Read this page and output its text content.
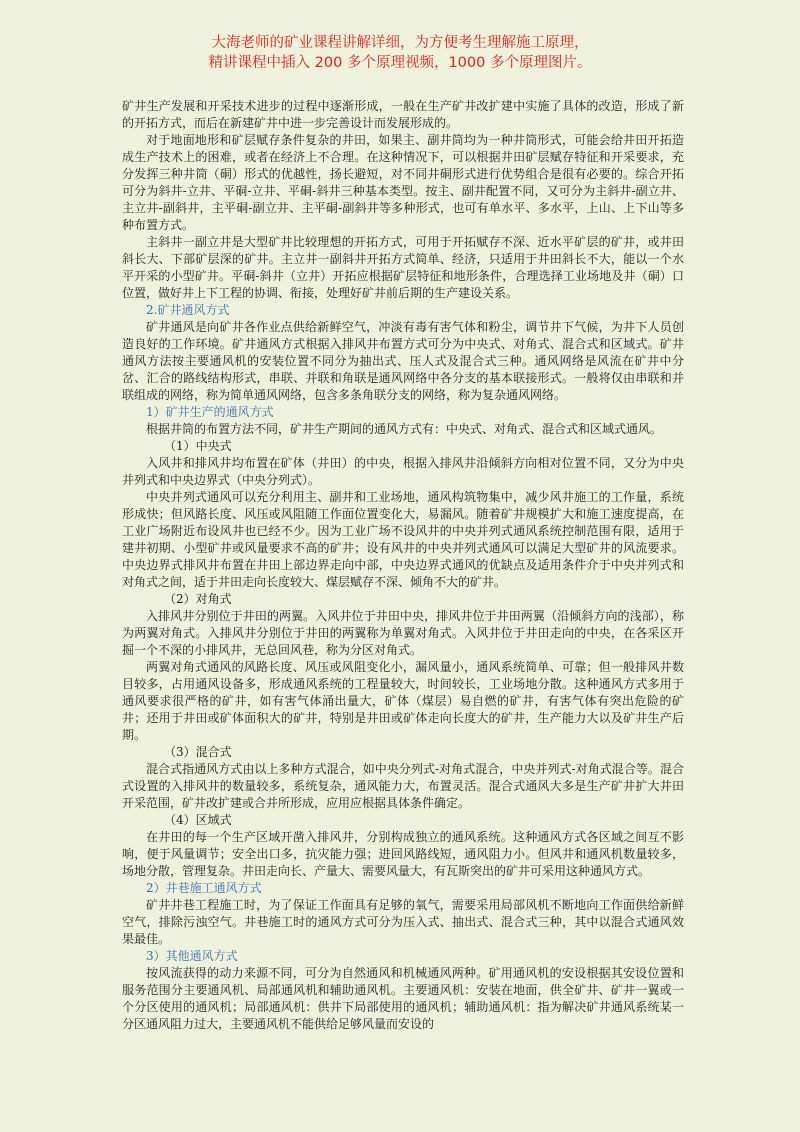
大海老师的矿业课程讲解详细，为方便考生理解施工原理，
精讲课程中插入 200 多个原理视频，1000 多个原理图片。

矿井生产发展和开采技术进步的过程中逐渐形成，一般在生产矿井改扩建中实施了具体的改造，形成了新的开拓方式，而后在新建矿井中进一步完善设计而发展形成的。

对于地面地形和矿层赋存条件复杂的井田，如果主、副井筒均为一种井筒形式，可能会给井田开拓造成生产技术上的困难，或者在经济上不合理。在这种情况下，可以根据井田矿层赋存特征和开采要求，充分发挥三种井筒（硐）形式的优越性，扬长避短，对不同井硐形式进行优势组合是很有必要的。综合开拓可分为斜井-立井、平硐-立井、平硐-斜井三种基本类型。按主、副井配置不同，又可分为主斜井-副立井、主立井-副斜井，主平硐-副立井、主平硐-副斜井等多种形式，也可有单水平、多水平，上山、上下山等多种布置方式。

主斜井一副立井是大型矿井比较理想的开拓方式，可用于开拓赋存不深、近水平矿层的矿井，或井田斜长大、下部矿层深的矿井。主立井一副斜井开拓方式简单、经济，只适用于井田斜长不大，能以一个水平开采的小型矿井。平硐-斜井（立井）开拓应根据矿层特征和地形条件，合理选择工业场地及井（硐）口位置，做好井上下工程的协调、衔接，处理好矿井前后期的生产建设关系。

2.矿井通风方式

矿井通风是向矿井各作业点供给新鲜空气，冲淡有毒有害气体和粉尘，调节井下气候，为井下人员创造良好的工作环境。矿井通风方式根据入排风井布置方式可分为中央式、对角式、混合式和区域式。矿井通风方法按主要通风机的安装位置不同分为抽出式、压人式及混合式三种。通风网络是风流在矿井中分岔、汇合的路线结构形式，串联、并联和角联是通风网络中各分支的基本联接形式。一般将仅由串联和并联组成的网络，称为简单通风网络，包含多条角联分支的网络，称为复杂通风网络。

1）矿井生产的通风方式

根据井筒的布置方法不同，矿井生产期间的通风方式有：中央式、对角式、混合式和区域式通风。

（1）中央式

入风井和排风井均布置在矿体（井田）的中央，根据入排风井沿倾斜方向相对位置不同，又分为中央并列式和中央边界式（中央分列式）。

中央并列式通风可以充分利用主、副井和工业场地，通风构筑物集中，减少风井施工的工作量，系统形成快；但风路长度、风压或风阻随工作面位置变化大，易漏风。随着矿井规模扩大和施工速度提高，在工业广场附近布设风井也已经不少。因为工业广场不设风井的中央并列式通风系统控制范围有限，适用于建井初期、小型矿井或风量要求不高的矿井；设有风井的中央并列式通风可以满足大型矿井的风流要求。中央边界式排风井布置在井田上部边界走向中部，中央边界式通风的优缺点及适用条件介于中央并列式和对角式之间，适于井田走向长度较大、煤层赋存不深、倾角不大的矿井。

（2）对角式

入排风井分别位于井田的两翼。入风井位于井田中央，排风井位于井田两翼（沿倾斜方向的浅部），称为两翼对角式。入排风井分别位于井田的两翼称为单翼对角式。入风井位于井田走向的中央，在各采区开掘一个不深的小排风井，无总回风巷，称为分区对角式。

两翼对角式通风的风路长度、风压或风阻变化小，漏风量小，通风系统简单、可靠；但一般排风井数目较多，占用通风设备多，形成通风系统的工程量较大，时间较长，工业场地分散。这种通风方式多用于通风要求很严格的矿井，如有害气体涌出量大，矿体（煤层）易自燃的矿井，有害气体有突出危险的矿井；还用于井田或矿体面积大的矿井，特别是井田或矿体走向长度大的矿井，生产能力大以及矿井生产后期。

（3）混合式

混合式指通风方式由以上多种方式混合，如中央分列式-对角式混合，中央并列式-对角式混合等。混合式设置的入排风井的数量较多，系统复杂，通风能力大，布置灵活。混合式通风大多是生产矿井扩大井田开采范围，矿井改扩建或合并所形成，应用应根据具体条件确定。

（4）区域式

在井田的每一个生产区域开凿入排风井，分别构成独立的通风系统。这种通风方式各区域之间互不影响，便于风量调节；安全出口多，抗灾能力强；进回风路线短，通风阻力小。但风井和通风机数量较多，场地分散，管理复杂。井田走向长、产量大、需要风量大，有瓦斯突出的矿井可采用这种通风方式。

2）井巷施工通风方式

矿井井巷工程施工时，为了保证工作面具有足够的氧气，需要采用局部风机不断地向工作面供给新鲜空气，排除污浊空气。井巷施工时的通风方式可分为压入式、抽出式、混合式三种，其中以混合式通风效果最佳。

3）其他通风方式

按风流获得的动力来源不同，可分为自然通风和机械通风两种。矿用通风机的安设根据其安设位置和服务范围分主要通风机、局部通风机和辅助通风机。主要通风机：安装在地面，供全矿井、矿井一翼或一个分区使用的通风机；局部通风机：供井下局部使用的通风机；辅助通风机：指为解决矿井通风系统某一分区通风阻力过大，主要通风机不能供给足够风量而安设的
